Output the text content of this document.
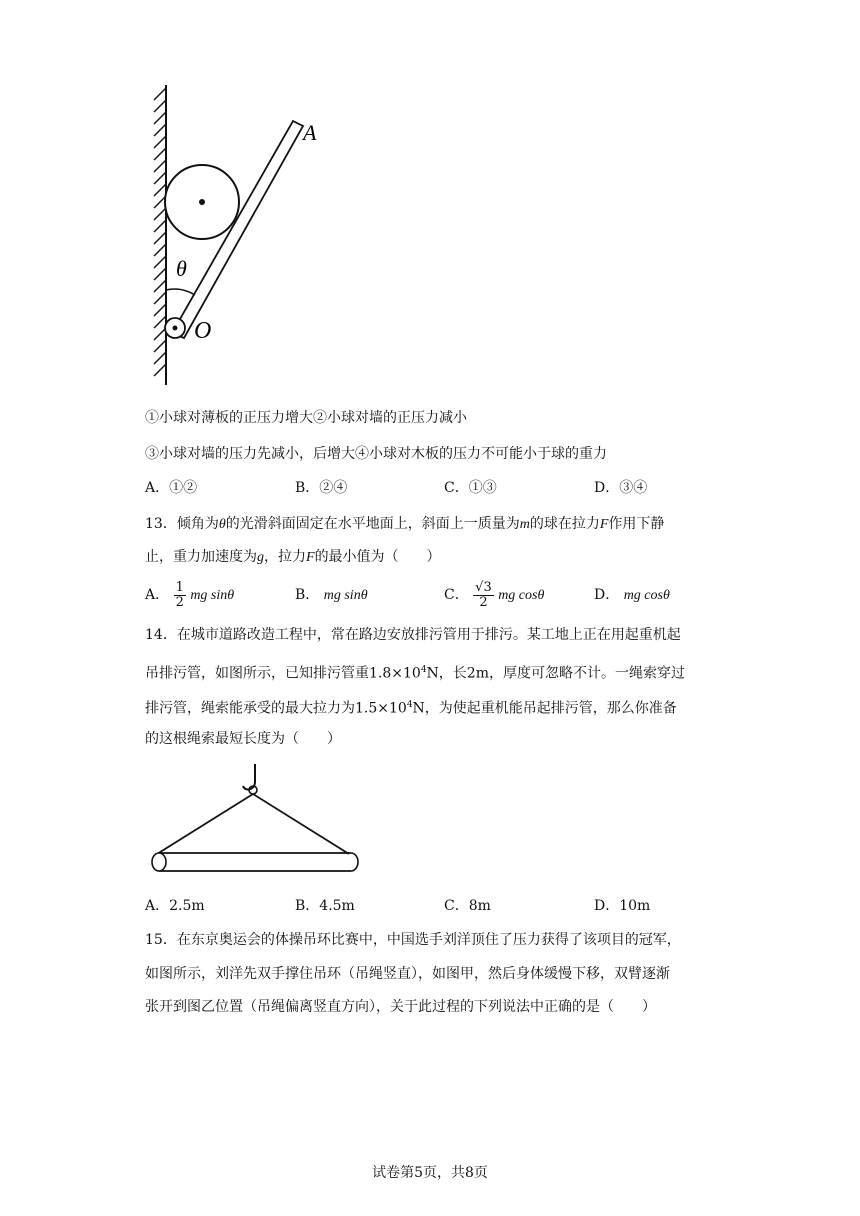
A
θ
O
①小球对薄板的正压力增大②小球对墙的正压力减小
③小球对墙的压力先减小，后增大④小球对木板的压力不可能小于球的重力
A．①②	B．②④	C．①③	D．③④
13．倾角为θ的光滑斜面固定在水平地面上，斜面上一质量为m的球在拉力F作用下静
止，重力加速度为g，拉力F的最小值为（　　）
A． $\frac{1}{2}$ mg sinθ	B． mg sinθ	C． $\frac{√3}{2}$ mg cosθ	D． mg cosθ
14．在城市道路改造工程中，常在路边安放排污管用于排污。某工地上正在用起重机起
吊排污管，如图所示，已知排污管重$1.8\times 10^4N$，长2m，厚度可忽略不计。一绳索穿过
排污管，绳索能承受的最大拉力为$1.5\times 10^4N$，为使起重机能吊起排污管，那么你准备
的这根绳索最短长度为（　　）
A．2.5m	B．4.5m	C．8m	D．10m
15．在东京奥运会的体操吊环比赛中，中国选手刘洋顶住了压力获得了该项目的冠军，
如图所示，刘洋先双手撑住吊环（吊绳竖直），如图甲，然后身体缓慢下移，双臂逐渐
张开到图乙位置（吊绳偏离竖直方向），关于此过程的下列说法中正确的是（　　）
试卷第5页，共8页
